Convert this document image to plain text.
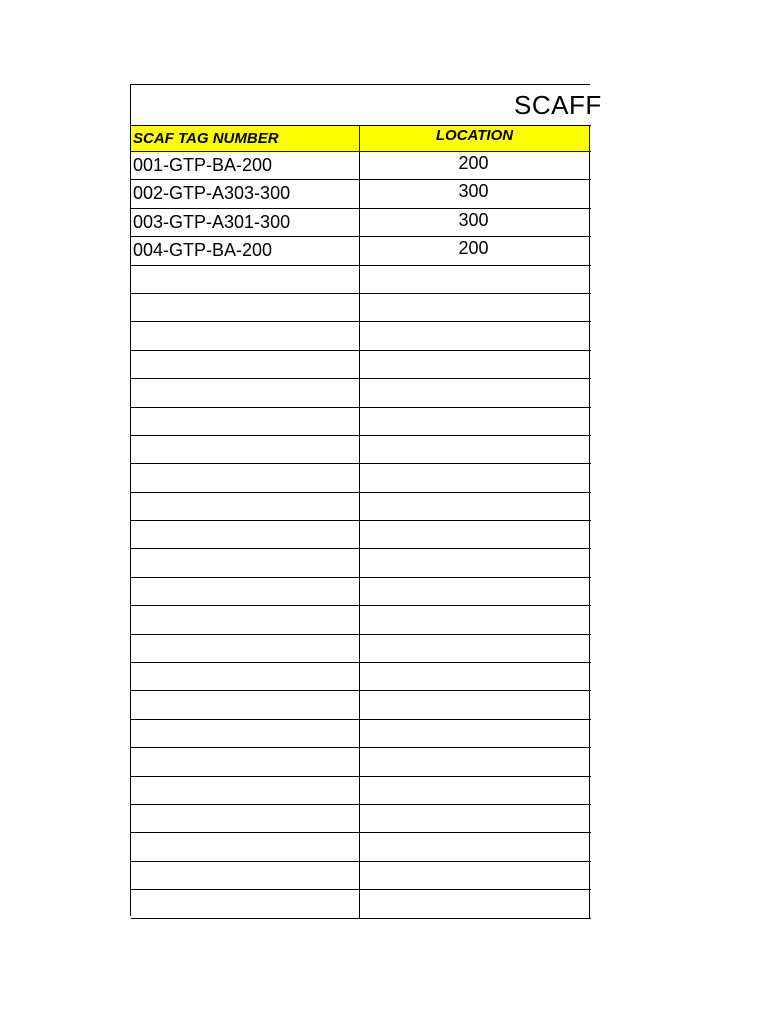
SCAFF
SCAF TAG NUMBER	LOCATION
001-GTP-BA-200	200
002-GTP-A303-300	300
003-GTP-A301-300	300
004-GTP-BA-200	200
